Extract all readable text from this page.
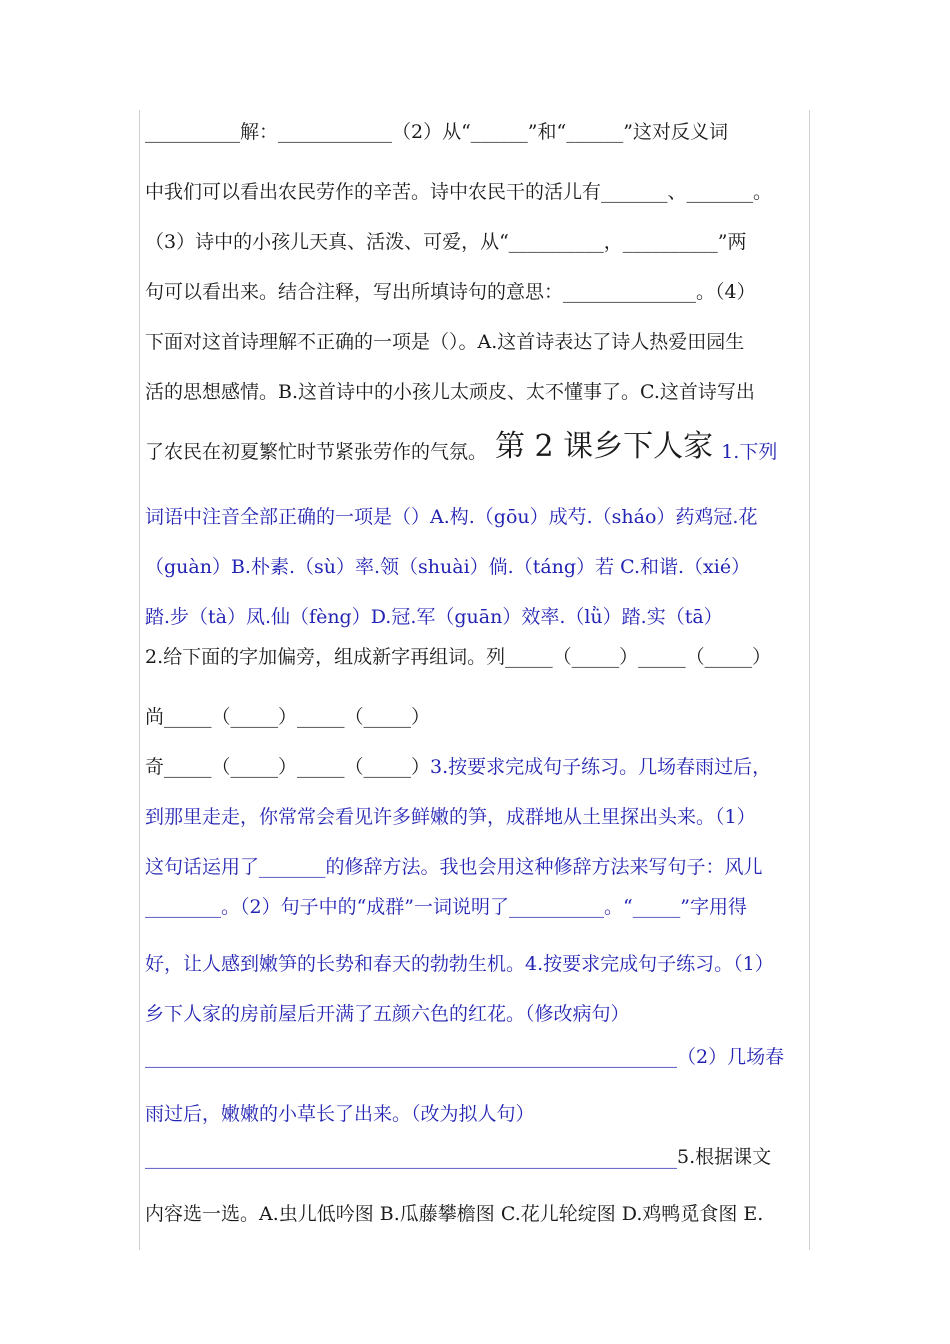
__________解：____________（2）从“______”和“______”这对反义词
中我们可以看出农民劳作的辛苦。诗中农民干的活儿有_______、_______。
（3）诗中的小孩儿天真、活泼、可爱，从“__________，__________”两
句可以看出来。结合注释，写出所填诗句的意思：______________。（4）
下面对这首诗理解不正确的一项是（）。A.这首诗表达了诗人热爱田园生
活的思想感情。B.这首诗中的小孩儿太顽皮、太不懂事了。C.这首诗写出
了农民在初夏繁忙时节紧张劳作的气氛。 第 2 课乡下人家 1.下列
词语中注音全部正确的一项是（）A.构.（gōu）成芍.（sháo）药鸡冠.花
（guàn）B.朴素.（sù）率.领（shuài）倘.（táng）若 C.和谐.（xié）
踏.步（tà）凤.仙（fèng）D.冠.军（guān）效率.（lǜ）踏.实（tā）
2.给下面的字加偏旁，组成新字再组词。列_____（_____）_____（_____）
尚_____（_____）_____（_____）
奇_____（_____）_____（_____） 3.按要求完成句子练习。几场春雨过后，
到那里走走，你常常会看见许多鲜嫩的笋，成群地从土里探出头来。（1）
这句话运用了_______的修辞方法。我也会用这种修辞方法来写句子：风儿
________。（2）句子中的“成群”一词说明了__________。“_____”字用得
好，让人感到嫩笋的长势和春天的勃勃生机。4.按要求完成句子练习。（1）
乡下人家的房前屋后开满了五颜六色的红花。（修改病句）
________________________________________________________（2）几场春
雨过后，嫩嫩的小草长了出来。（改为拟人句）
________________________________________________________ 5.根据课文
内容选一选。A.虫儿低吟图 B.瓜藤攀檐图 C.花儿轮绽图 D.鸡鸭觅食图 E.
